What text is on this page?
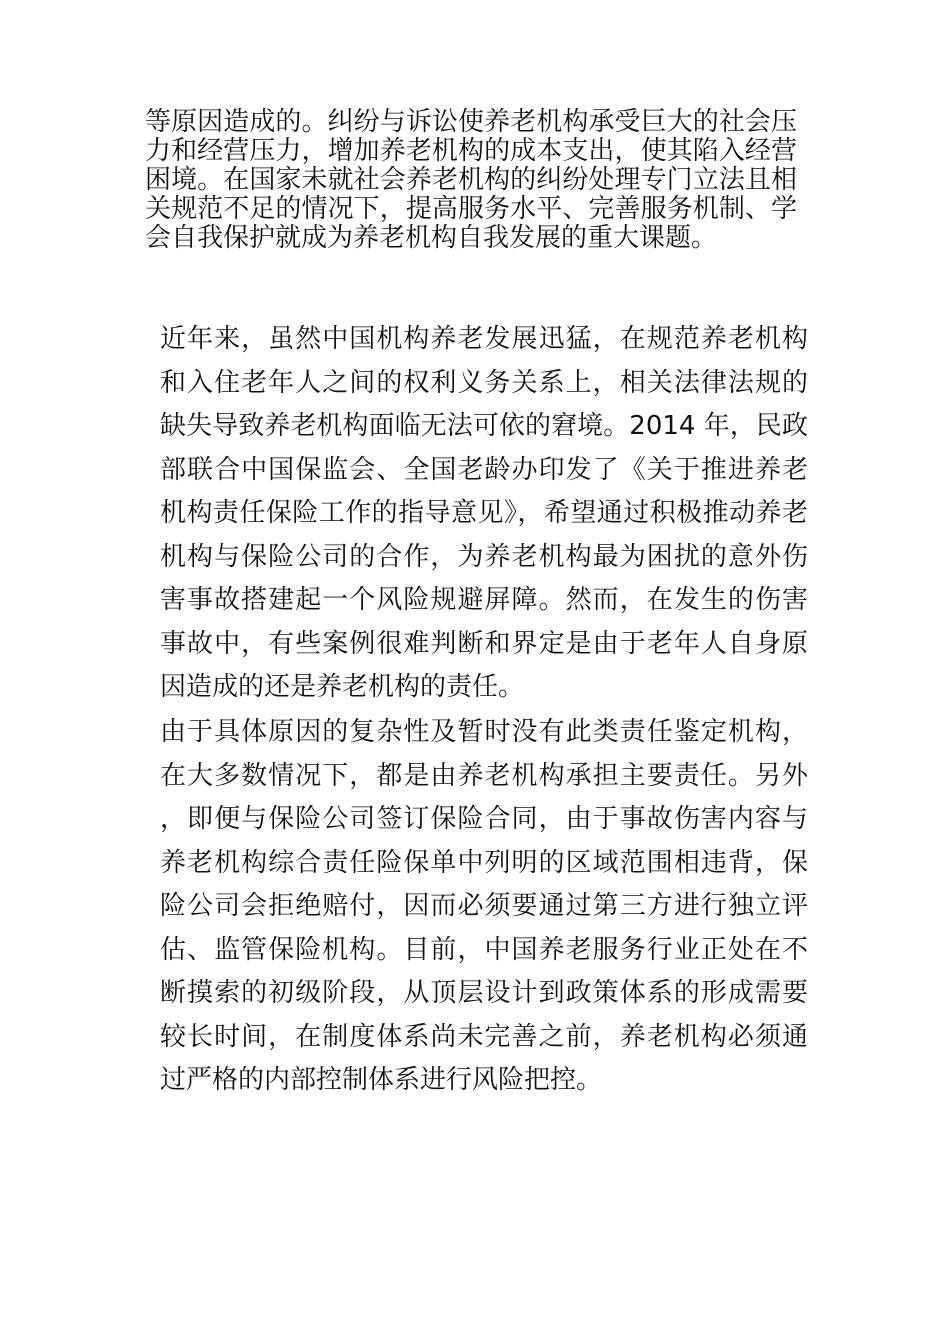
等原因造成的。纠纷与诉讼使养老机构承受巨大的社会压力和经营压力，增加养老机构的成本支出，使其陷入经营困境。在国家未就社会养老机构的纠纷处理专门立法且相关规范不足的情况下，提高服务水平、完善服务机制、学会自我保护就成为养老机构自我发展的重大课题。

近年来，虽然中国机构养老发展迅猛，在规范养老机构和入住老年人之间的权利义务关系上，相关法律法规的缺失导致养老机构面临无法可依的窘境。2014 年，民政部联合中国保监会、全国老龄办印发了《关于推进养老机构责任保险工作的指导意见》，希望通过积极推动养老机构与保险公司的合作，为养老机构最为困扰的意外伤害事故搭建起一个风险规避屏障。然而，在发生的伤害事故中，有些案例很难判断和界定是由于老年人自身原因造成的还是养老机构的责任。

由于具体原因的复杂性及暂时没有此类责任鉴定机构，在大多数情况下，都是由养老机构承担主要责任。另外，即便与保险公司签订保险合同，由于事故伤害内容与养老机构综合责任险保单中列明的区域范围相违背，保险公司会拒绝赔付，因而必须要通过第三方进行独立评估、监管保险机构。目前，中国养老服务行业正处在不断摸索的初级阶段，从顶层设计到政策体系的形成需要较长时间，在制度体系尚未完善之前，养老机构必须通过严格的内部控制体系进行风险把控。
